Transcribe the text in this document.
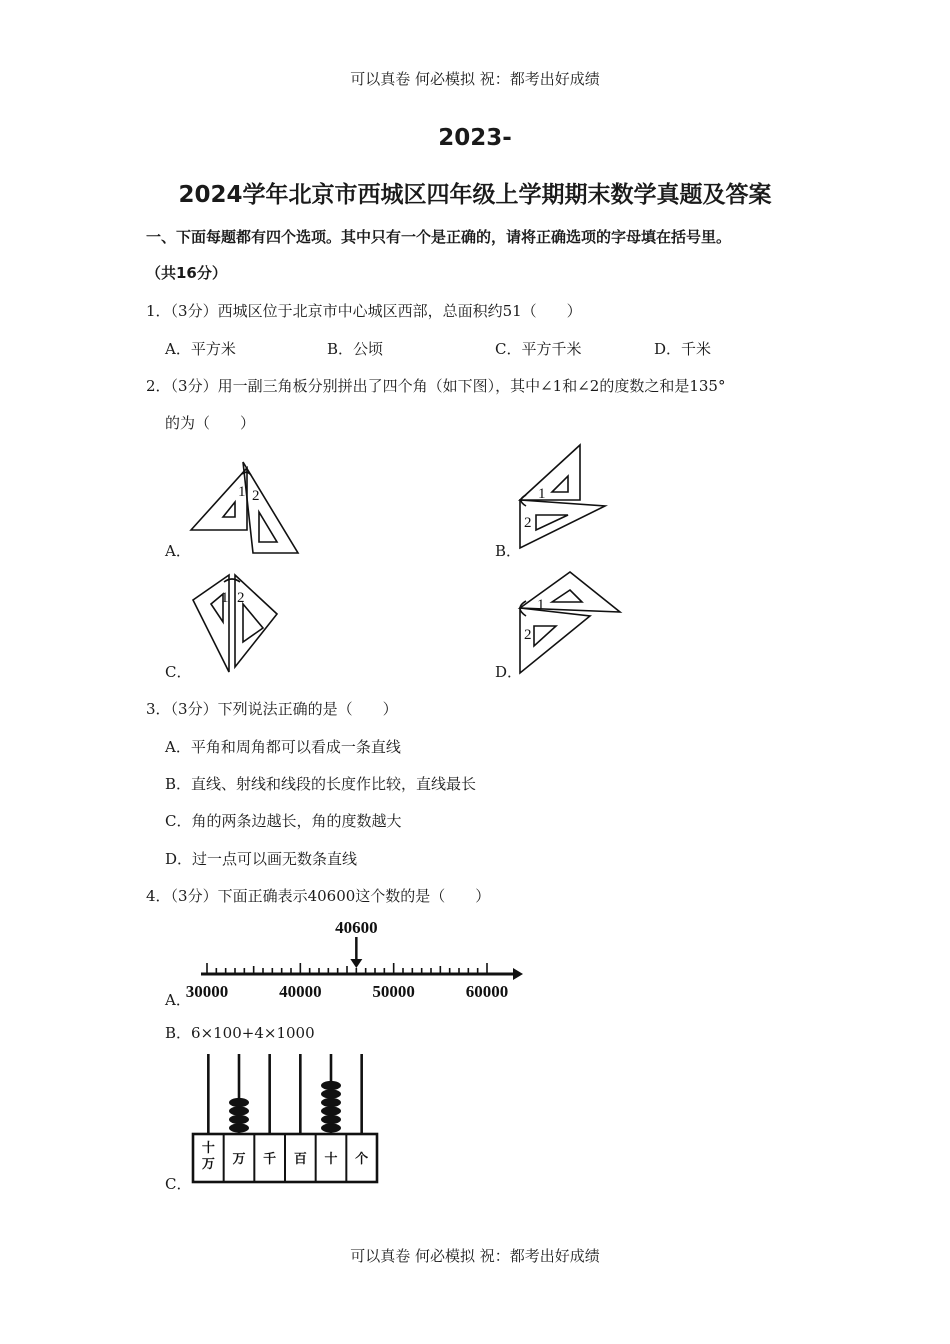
可以真卷 何必模拟 祝：都考出好成绩
可以真卷 何必模拟 祝：都考出好成绩
2023-
2024学年北京市西城区四年级上学期期末数学真题及答案
一、下面每题都有四个选项。其中只有一个是正确的，请将正确选项的字母填在括号里。
（共16分）
1．（3分）西城区位于北京市中心城区西部，总面积约51（　　）
A．平方米	B．公顷	C．平方千米	D．千米
2．（3分）用一副三角板分别拼出了四个角（如下图），其中∠1和∠2的度数之和是135°
的为（　　）
A．	B．
C．	D．
1 2	1
2
1 2	1
2
3．（3分）下列说法正确的是（　　）
A．平角和周角都可以看成一条直线
B．直线、射线和线段的长度作比较，直线最长
C．角的两条边越长，角的度数越大
D．过一点可以画无数条直线
4．（3分）下面正确表示40600这个数的是（　　）
A．
40600
30000	40000	50000	60000
B．6×100+4×1000
C．
十
万 万 千 百 十 个
